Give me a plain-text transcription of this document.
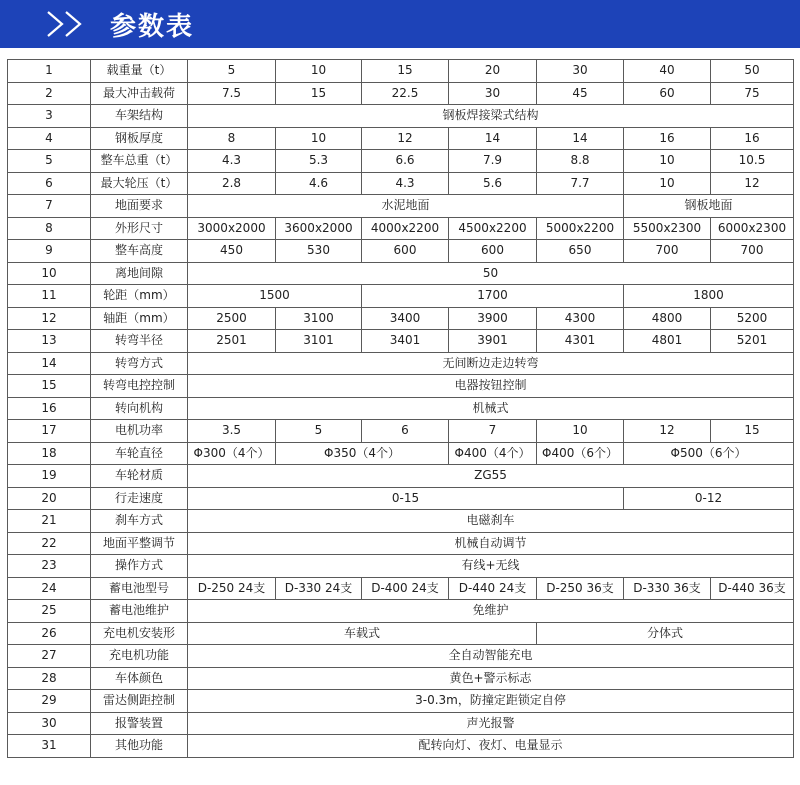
参数表
1	载重量（t）	5	10	15	20	30	40	50
2	最大冲击载荷	7.5	15	22.5	30	45	60	75
3	车架结构	钢板焊接梁式结构						
4	钢板厚度	8	10	12	14	14	16	16
5	整车总重（t）	4.3	5.3	6.6	7.9	8.8	10	10.5
6	最大轮压（t）	2.8	4.6	4.3	5.6	7.7	10	12
7	地面要求	水泥地面					钢板地面	
8	外形尺寸	3000x2000	3600x2000	4000x2200	4500x2200	5000x2200	5500x2300	6000x2300
9	整车高度	450	530	600	600	650	700	700
10	离地间隙	50						
11	轮距（mm）	1500		1700			1800	
12	轴距（mm）	2500	3100	3400	3900	4300	4800	5200
13	转弯半径	2501	3101	3401	3901	4301	4801	5201
14	转弯方式	无间断边走边转弯						
15	转弯电控控制	电器按钮控制						
16	转向机构	机械式						
17	电机功率	3.5	5	6	7	10	12	15
18	车轮直径	Φ300（4个）	Φ350（4个）		Φ400（4个）	Φ400（6个）	Φ500（6个）	
19	车轮材质	ZG55						
20	行走速度	0-15					0-12	
21	刹车方式	电磁刹车						
22	地面平整调节	机械自动调节						
23	操作方式	有线+无线						
24	蓄电池型号	D-250 24支	D-330 24支	D-400 24支	D-440 24支	D-250 36支	D-330 36支	D-440 36支
25	蓄电池维护	免维护						
26	充电机安装形	车载式				分体式		
27	充电机功能	全自动智能充电						
28	车体颜色	黄色+警示标志						
29	雷达侧距控制	3-0.3m，防撞定距锁定自停						
30	报警装置	声光报警						
31	其他功能	配转向灯、夜灯、电量显示						
